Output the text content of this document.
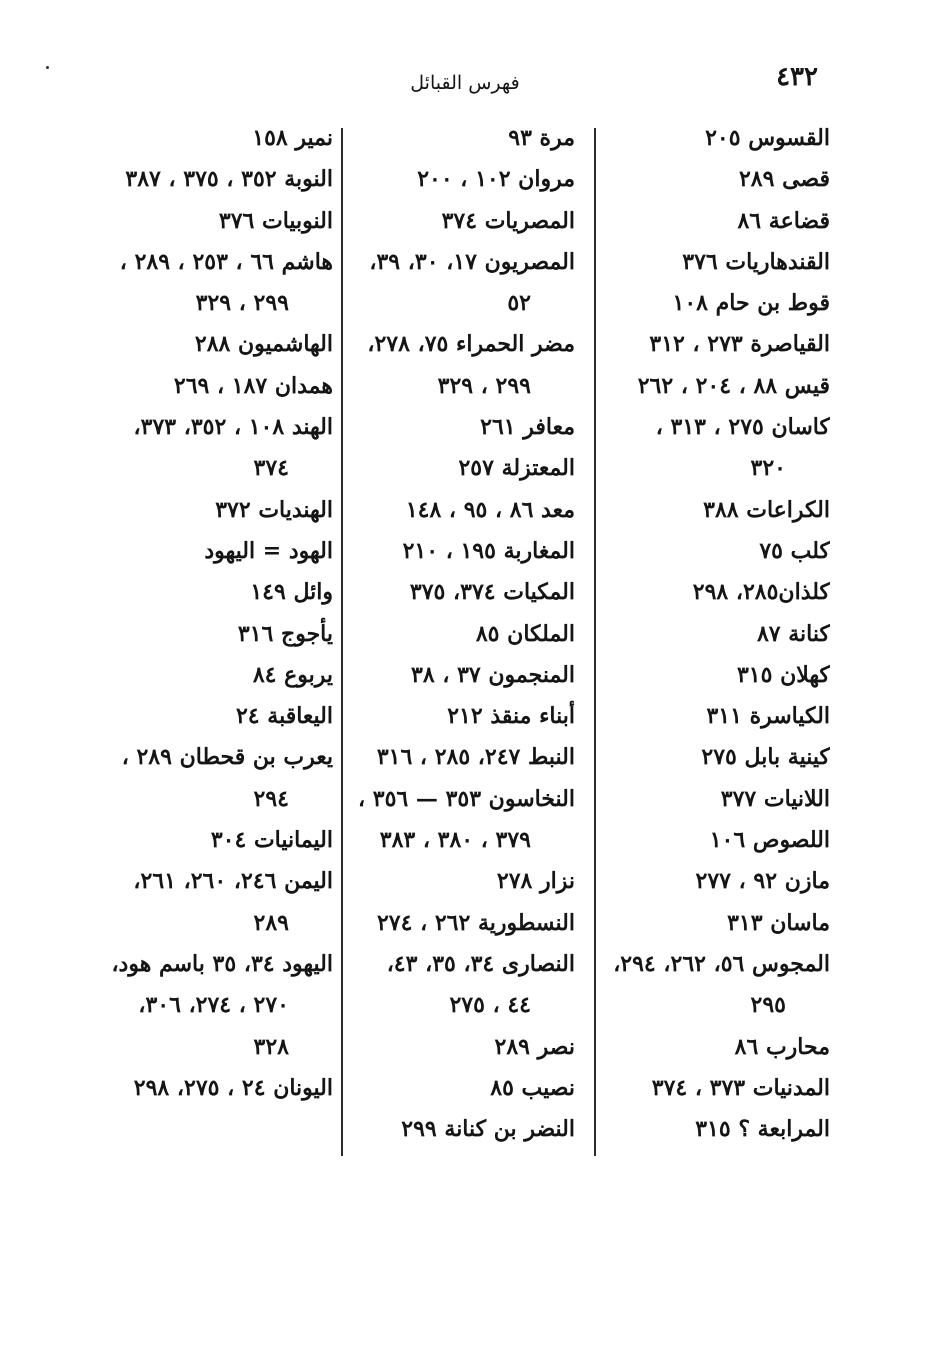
٤٣٢
فهرس القبائل
القسوس ٢٠٥
قصى ٢٨٩
قضاعة ٨٦
القندهاريات ٣٧٦
قوط بن حام ١٠٨
القياصرة ٢٧٣ ، ٣١٢
قيس ٨٨ ، ٢٠٤ ، ٢٦٢
كاسان ٢٧٥ ، ٣١٣ ،
٣٢٠
الكراعات ٣٨٨
كلب ٧٥
كلذان٢٨٥، ٢٩٨
كنانة ٨٧
كهلان ٣١٥
الكياسرة ٣١١
كينية بابل ٢٧٥
اللانيات ٣٧٧
اللصوص ١٠٦
مازن ٩٢ ، ٢٧٧
ماسان ٣١٣
المجوس ٥٦، ٢٦٢، ٢٩٤،
٢٩٥
محارب ٨٦
المدنيات ٣٧٣ ، ٣٧٤
المرابعة ؟ ٣١٥
مرة ٩٣
مروان ١٠٢ ، ٢٠٠
المصريات ٣٧٤
المصريون ١٧، ٣٠، ٣٩،
٥٢
مضر الحمراء ٧٥، ٢٧٨،
٢٩٩ ، ٣٢٩
معافر ٢٦١
المعتزلة ٢٥٧
معد ٨٦ ، ٩٥ ، ١٤٨
المغاربة ١٩٥ ، ٢١٠
المكيات ٣٧٤، ٣٧٥
الملكان ٨٥
المنجمون ٣٧ ، ٣٨
أبناء منقذ ٢١٢
النبط ٢٤٧، ٢٨٥ ، ٣١٦
النخاسون ٣٥٣ — ٣٥٦ ،
٣٧٩ ، ٣٨٠ ، ٣٨٣
نزار ٢٧٨
النسطورية ٢٦٢ ، ٢٧٤
النصارى ٣٤، ٣٥، ٤٣،
٤٤ ، ٢٧٥
نصر ٢٨٩
نصيب ٨٥
النضر بن كنانة ٢٩٩
نمير ١٥٨
النوبة ٣٥٢ ، ٣٧٥ ، ٣٨٧
النوبيات ٣٧٦
هاشم ٦٦ ، ٢٥٣ ، ٢٨٩ ،
٢٩٩ ، ٣٢٩
الهاشميون ٢٨٨
همدان ١٨٧ ، ٢٦٩
الهند ١٠٨ ، ٣٥٢، ٣٧٣،
٣٧٤
الهنديات ٣٧٢
الهود = اليهود
وائل ١٤٩
يأجوج ٣١٦
يربوع ٨٤
اليعاقبة ٢٤
يعرب بن قحطان ٢٨٩ ،
٢٩٤
اليمانيات ٣٠٤
اليمن ٢٤٦، ٢٦٠، ٢٦١،
٢٨٩
اليهود ٣٤، ٣٥ باسم هود،
٢٧٠ ، ٢٧٤، ٣٠٦،
٣٢٨
اليونان ٢٤ ، ٢٧٥، ٢٩٨
